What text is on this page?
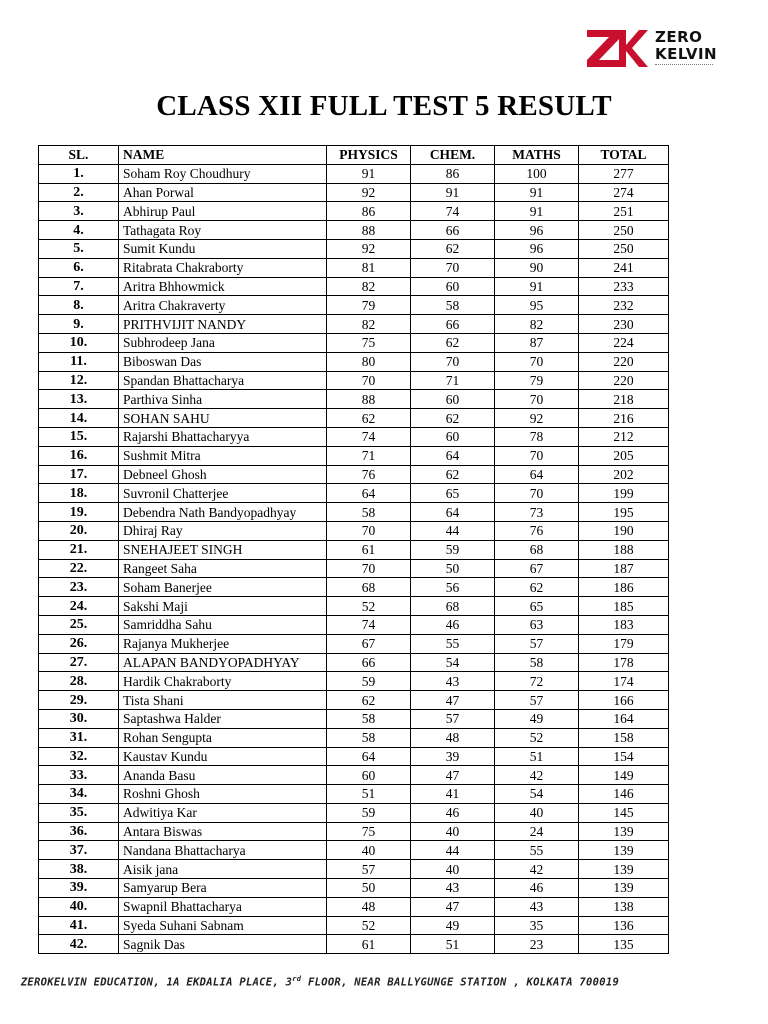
ZERO
KELVIN
CLASS XII FULL TEST 5 RESULT
SL.	NAME	PHYSICS	CHEM.	MATHS	TOTAL
1.	Soham Roy Choudhury	91	86	100	277
2.	Ahan Porwal	92	91	91	274
3.	Abhirup Paul	86	74	91	251
4.	Tathagata Roy	88	66	96	250
5.	Sumit Kundu	92	62	96	250
6.	Ritabrata Chakraborty	81	70	90	241
7.	Aritra Bhhowmick	82	60	91	233
8.	Aritra Chakraverty	79	58	95	232
9.	PRITHVIJIT NANDY	82	66	82	230
10.	Subhrodeep Jana	75	62	87	224
11.	Biboswan Das	80	70	70	220
12.	Spandan Bhattacharya	70	71	79	220
13.	Parthiva Sinha	88	60	70	218
14.	SOHAN SAHU	62	62	92	216
15.	Rajarshi Bhattacharyya	74	60	78	212
16.	Sushmit Mitra	71	64	70	205
17.	Debneel Ghosh	76	62	64	202
18.	Suvronil Chatterjee	64	65	70	199
19.	Debendra Nath Bandyopadhyay	58	64	73	195
20.	Dhiraj Ray	70	44	76	190
21.	SNEHAJEET SINGH	61	59	68	188
22.	Rangeet Saha	70	50	67	187
23.	Soham Banerjee	68	56	62	186
24.	Sakshi Maji	52	68	65	185
25.	Samriddha Sahu	74	46	63	183
26.	Rajanya Mukherjee	67	55	57	179
27.	ALAPAN BANDYOPADHYAY	66	54	58	178
28.	Hardik Chakraborty	59	43	72	174
29.	Tista Shani	62	47	57	166
30.	Saptashwa Halder	58	57	49	164
31.	Rohan Sengupta	58	48	52	158
32.	Kaustav Kundu	64	39	51	154
33.	Ananda Basu	60	47	42	149
34.	Roshni Ghosh	51	41	54	146
35.	Adwitiya Kar	59	46	40	145
36.	Antara Biswas	75	40	24	139
37.	Nandana Bhattacharya	40	44	55	139
38.	Aisik jana	57	40	42	139
39.	Samyarup Bera	50	43	46	139
40.	Swapnil Bhattacharya	48	47	43	138
41.	Syeda Suhani Sabnam	52	49	35	136
42.	Sagnik Das	61	51	23	135
ZEROKELVIN EDUCATION, 1A EKDALIA PLACE, 3rd FLOOR, NEAR BALLYGUNGE STATION , KOLKATA 700019
